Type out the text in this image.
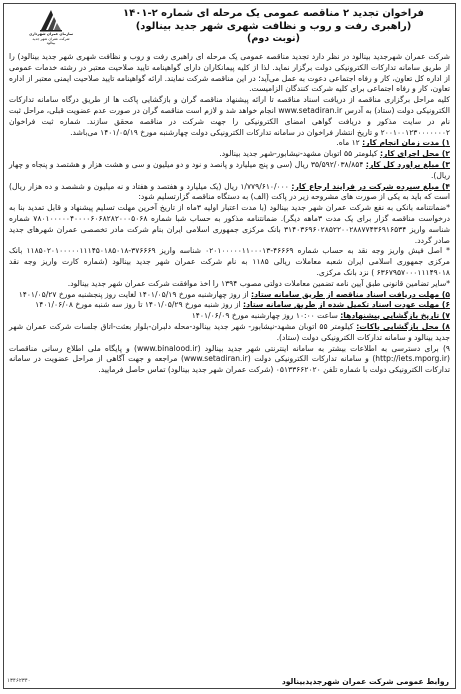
سازمان عمران شهرداری
شرکت عمران شهر جدید
بینالود
فراخوان تجدید ۲ مناقصه عمومی یک مرحله ای شماره ۲-۱۴۰۱
(راهبری رفت و روب و نظافت شهری شهر جدید بینالود)
(نوبت دوم)

شرکت عمران شهرجدید بینالود در نظر دارد تجدید مناقصه عمومی یک مرحله ای راهبری رفت و روب و نظافت شهری شهر جدید بینالود) را از طریق سامانه تدارکات الکترونیکی دولت برگزار نماید. لذا از کلیه پیمانکاران دارای گواهینامه تایید صلاحیت معتبر در رشته خدمات عمومی از اداره کل تعاون، کار و رفاه اجتماعی دعوت به عمل می‌آید؛ در این مناقصه شرکت نمایند. ارائه گواهینامه تایید صلاحیت ایمنی معتبر از اداره تعاون، کار و رفاه اجتماعی برای کلیه شرکت کنندگان الزامیست.

کلیه مراحل برگزاری مناقصه از دریافت اسناد مناقصه تا ارائه پیشنهاد مناقصه گران و بازگشایی پاکت ها از طریق درگاه سامانه تدارکات الکترونیکی دولت (ستاد) به آدرس www.setadiran.ir انجام خواهد شد و لازم است مناقصه گران در صورت عدم عضویت قبلی، مراحل ثبت نام در سایت مذکور و دریافت گواهی امضای الکترونیکی را جهت شرکت در مناقصه محقق سازند. شماره ثبت فراخوان ۲۰۰۱۰۰۱۲۳۰۰۰۰۰۰۰۲ و تاریخ انتشار فراخوان در سامانه تدارکات الکترونیکی دولت چهارشنبه مورخ ۱۴۰۱/۰۵/۱۹ می‌باشد.

۱) مدت زمان انجام کار: ۱۲ ماه.

۲) محل اجرای کار: کیلومتر ۵۵ اتوبان مشهد-نیشابور-شهر جدید بینالود.

۳) مبلغ براورد کل کار: ۳۵/۵۹۲/۰۳۸/۸۵۴ ریال (سی و پنج میلیارد و پانصد و نود و دو میلیون و سی و هشت هزار و هشتصد و پنجاه و چهار ریال).

۴) مبلغ سپرده شرکت در فرایند ارجاع کار: ۱/۷۷۹/۶۱۰/۰۰۰ ریال (یک میلیارد و هفتصد و هفتاد و نه میلیون و ششصد و ده هزار ریال) است که باید به یکی از صورت های مشروحه زیر در پاکت (الف) به دستگاه مناقصه گزارتسلیم شود:

*ضمانتنامه بانکی به نفع شرکت عمران شهر جدید بینالود (با مدت اعتبار اولیه ۳ماه از تاریخ آخرین مهلت تسلیم پیشنهاد و قابل تمدید بنا به درخواست مناقصه گزار برای یک مدت ۳ماهه دیگر). ضمانتنامه مذکور به حساب شبا شماره ۷۸۰۱۰۰۰۰۰۴۰۰۰۰۶۰۶۸۲۸۲۰۰۰۵۰۶۸ شماره شناسه واریز ۳۱۴۰۳۶۹۶۰۲۸۵۲۲۰۰۲۸۸۷۷۴۳۶۹۱۶۵۳۴ بانک مرکزی جمهوری اسلامی ایران بنام شرکت مادر تخصصی عمران شهرهای جدید صادر گردد.

* اصل فیش واریز وجه نقد به حساب شماره ۴۶۶۶۹-۰۲۰۱۰۰۰۰۰۱۱۰۰۰۱۳ شناسه واریز ۳۷۶۶۶۹-۱۱۸۵۰۲۰۱۰۰۰۰۰۱۱۱۴۵۰۱۸۵۰۱۸ بانک مرکزی جمهوری اسلامی ایران شعبه معاملات ریالی ۱۱۸۵ به نام شرکت عمران شهر جدید بینالود (شماره کارت واریز وجه نقد ۶۳۶۷۹۵۷۰۰۰۱۱۱۴۹۰۱۸ ) نزد بانک مرکزی.

*سایر تضامین قانونی طبق آیین نامه تضمین معاملات دولتی مصوب ۱۳۹۴ را اخذ موافقت شرکت عمران شهر جدید بینالود.

۵) مهلت دریافت اسناد مناقصه از طریق سامانه ستاد: از روز چهارشنبه مورخ ۱۴۰۱/۰۵/۱۹ لغایت روز پنجشنبه مورخ ۱۴۰۱/۰۵/۲۷

۶) مهلت عودت اسناد تکمیل شده از طریق سامانه ستاد: از روز شنبه مورخ ۱۴۰۱/۰۵/۲۹ تا روز سه شنبه مورخ ۱۴۰۱/۰۶/۰۸

۷) تاریخ بازگشایی پیشنهادها: ساعت ۱۰:۰۰ روز چهارشنبه مورخ ۱۴۰۱/۰۶/۰۹

۸) محل بازگشایی پاکات: کیلومتر ۵۵ اتوبان مشهد-نیشابور- شهر جدید بینالود-محله دلبران-بلوار بعثت-اتاق جلسات شرکت عمران شهر جدید بینالود و سامانه تدارکات الکترونیکی دولت (ستاد).

۹) برای دسترسی به اطلاعات بیشتر به سامانه اینترنتی شهر جدید بینالود (www.binalood.ir) و پایگاه ملی اطلاع رسانی مناقصات (http://iets.mporg.ir) و سامانه تدارکات الکترونیکی دولت (www.setadiran.ir) مراجعه و جهت آگاهی از مراحل عضویت در سامانه تدارکات الکترونیکی دولت با شماره تلفن ۰۵۱۳۳۶۶۲۰۲۰ (شرکت عمران شهر جدید بینالود) تماس حاصل فرمایید.

روابط عمومی شرکت عمران شهرجدیدبینالود
۱۳۴۶۲۳۴۰
